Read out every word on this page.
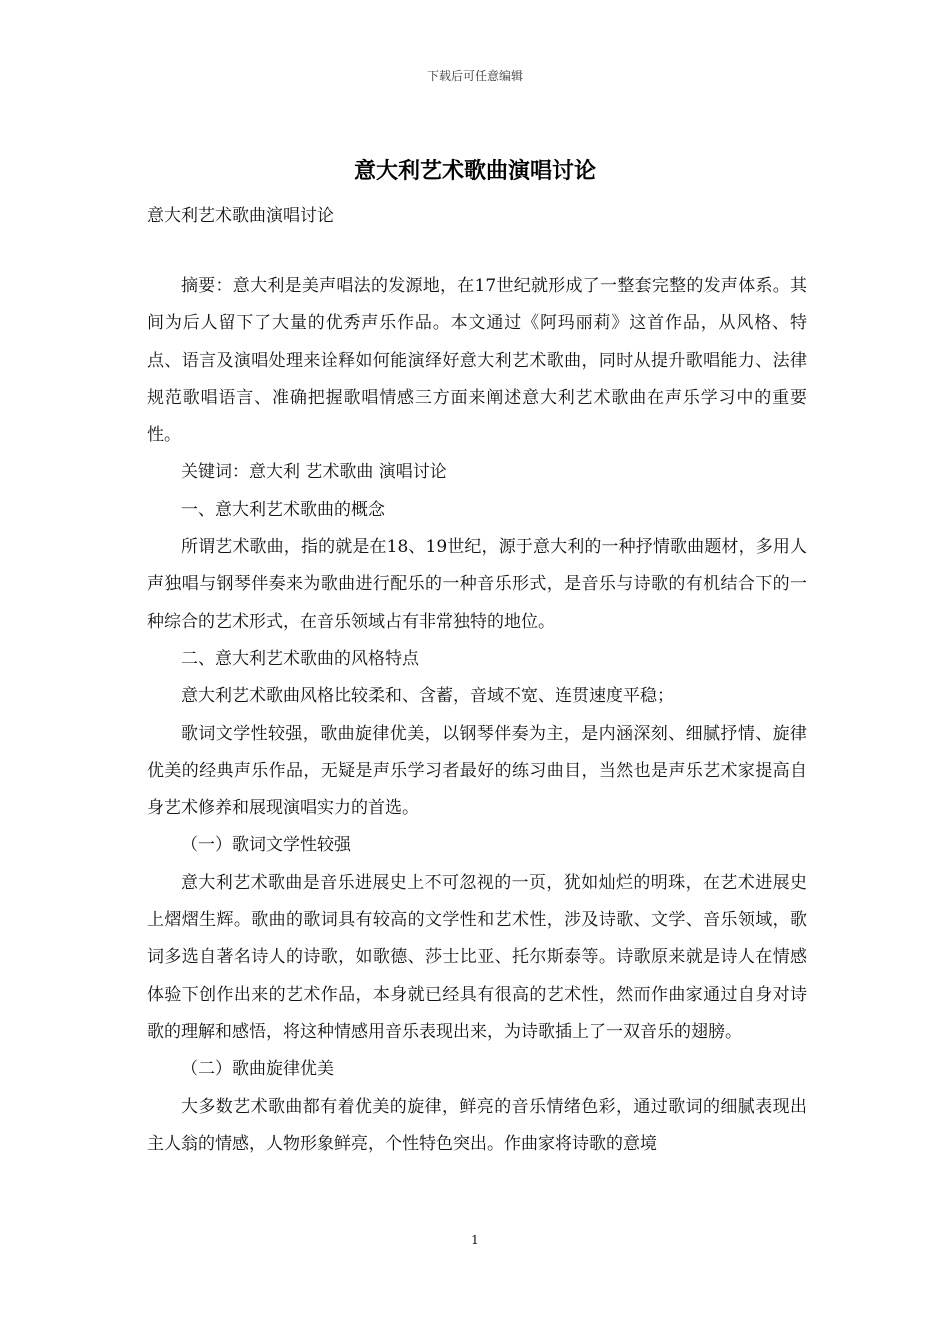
下载后可任意编辑

意大利艺术歌曲演唱讨论

意大利艺术歌曲演唱讨论

摘要：意大利是美声唱法的发源地，在17世纪就形成了一整套完整的发声体系。其间为后人留下了大量的优秀声乐作品。本文通过《阿玛丽莉》这首作品，从风格、特点、语言及演唱处理来诠释如何能演绎好意大利艺术歌曲，同时从提升歌唱能力、法律规范歌唱语言、准确把握歌唱情感三方面来阐述意大利艺术歌曲在声乐学习中的重要性。

关键词：意大利 艺术歌曲 演唱讨论

一、意大利艺术歌曲的概念

所谓艺术歌曲，指的就是在18、19世纪，源于意大利的一种抒情歌曲题材，多用人声独唱与钢琴伴奏来为歌曲进行配乐的一种音乐形式，是音乐与诗歌的有机结合下的一种综合的艺术形式，在音乐领域占有非常独特的地位。

二、意大利艺术歌曲的风格特点

意大利艺术歌曲风格比较柔和、含蓄，音域不宽、连贯速度平稳；

歌词文学性较强，歌曲旋律优美，以钢琴伴奏为主，是内涵深刻、细腻抒情、旋律优美的经典声乐作品，无疑是声乐学习者最好的练习曲目，当然也是声乐艺术家提高自身艺术修养和展现演唱实力的首选。

（一）歌词文学性较强

意大利艺术歌曲是音乐进展史上不可忽视的一页，犹如灿烂的明珠，在艺术进展史上熠熠生辉。歌曲的歌词具有较高的文学性和艺术性，涉及诗歌、文学、音乐领域，歌词多选自著名诗人的诗歌，如歌德、莎士比亚、托尔斯泰等。诗歌原来就是诗人在情感体验下创作出来的艺术作品，本身就已经具有很高的艺术性，然而作曲家通过自身对诗歌的理解和感悟，将这种情感用音乐表现出来，为诗歌插上了一双音乐的翅膀。

（二）歌曲旋律优美

大多数艺术歌曲都有着优美的旋律，鲜亮的音乐情绪色彩，通过歌词的细腻表现出主人翁的情感，人物形象鲜亮，个性特色突出。作曲家将诗歌的意境

1
